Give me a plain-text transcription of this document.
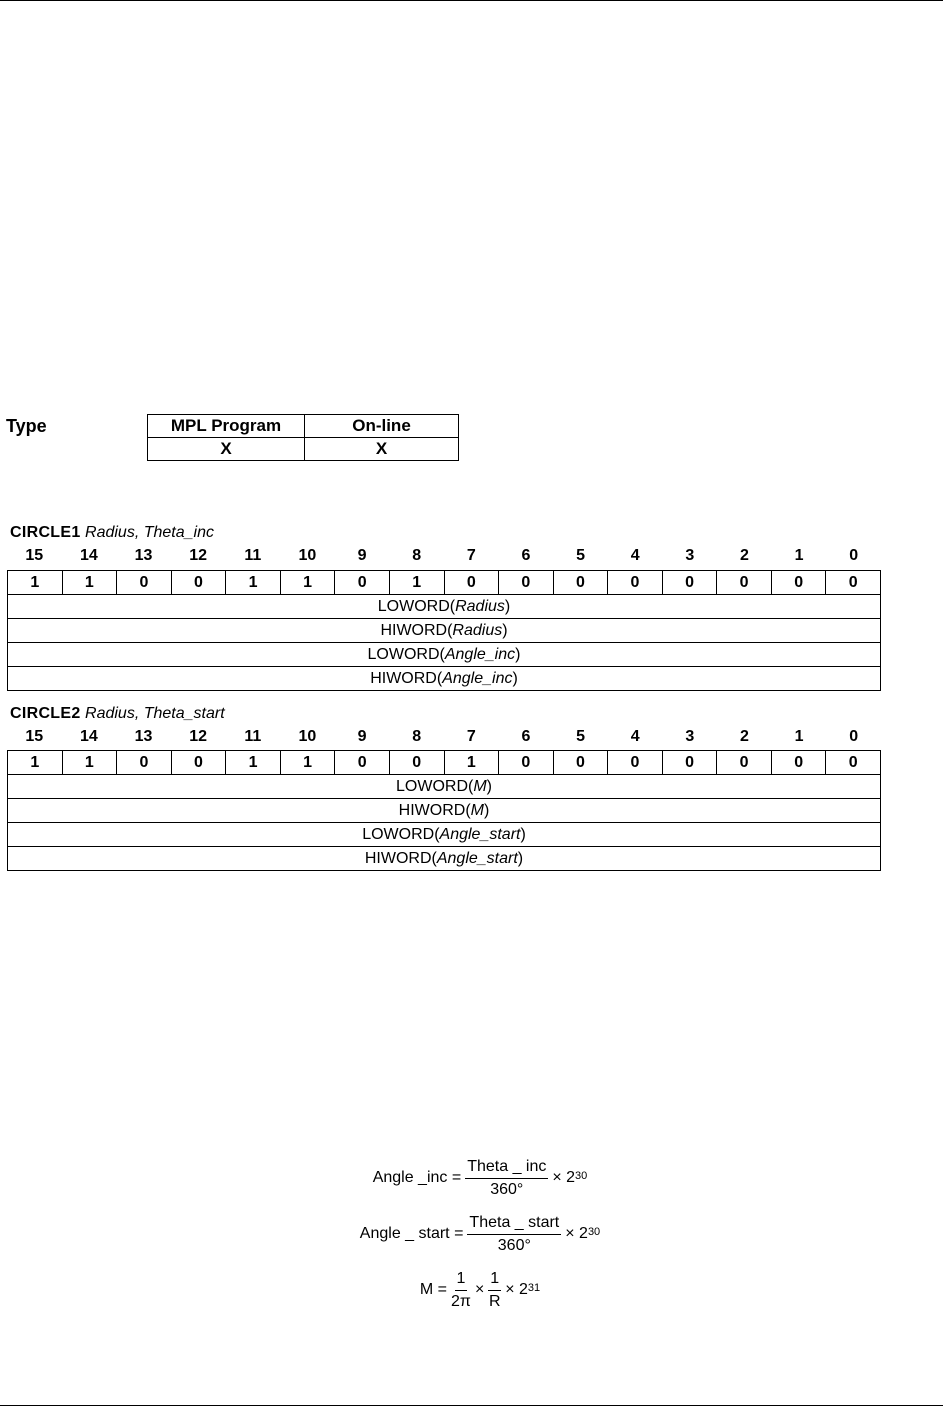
Type	MPL Program	On-line
X	X
CIRCLE1 Radius, Theta_inc
15	14	13	12	11	10	9	8	7	6	5	4	3	2	1	0
1	1	0	0	1	1	0	1	0	0	0	0	0	0	0	0
LOWORD(Radius)
HIWORD(Radius)
LOWORD(Angle_inc)
HIWORD(Angle_inc)
CIRCLE2 Radius, Theta_start
15	14	13	12	11	10	9	8	7	6	5	4	3	2	1	0
1	1	0	0	1	1	0	0	1	0	0	0	0	0	0	0
LOWORD(M)
HIWORD(M)
LOWORD(Angle_start)
HIWORD(Angle_start)
Angle _inc = $\frac{\text{Theta \_ inc}}{360^\circ} \times 2^{30}$
Angle _ start = $\frac{\text{Theta \_ start}}{360^\circ} \times 2^{30}$
$M = \frac{1}{2\pi} \times \frac{1}{R} \times 2^{31}$
